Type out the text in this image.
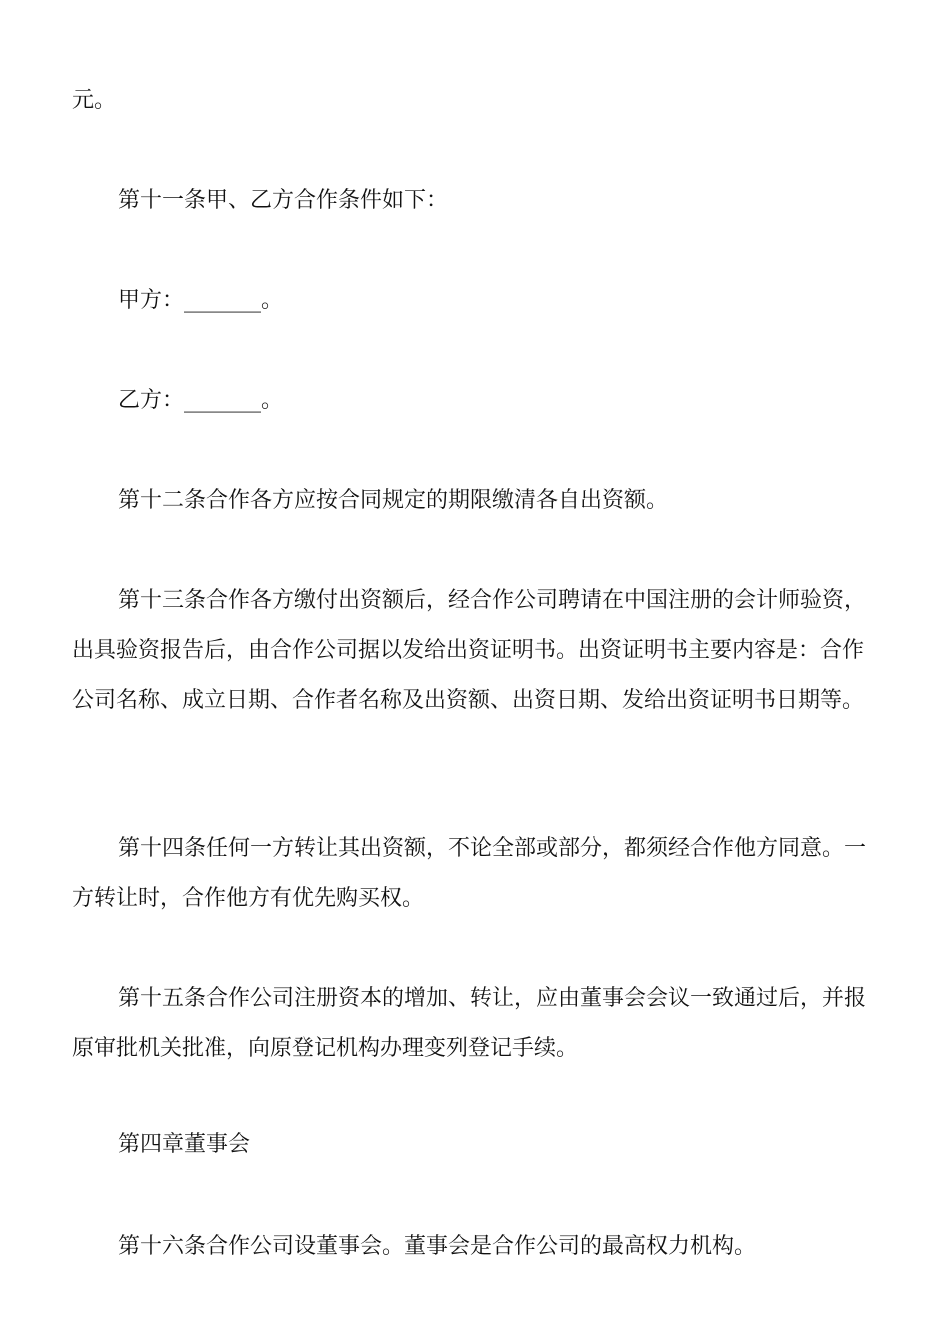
元。

第十一条甲、乙方合作条件如下：

甲方：_______。

乙方：_______。

第十二条合作各方应按合同规定的期限缴清各自出资额。

第十三条合作各方缴付出资额后，经合作公司聘请在中国注册的会计师验资，
出具验资报告后，由合作公司据以发给出资证明书。出资证明书主要内容是：合作
公司名称、成立日期、合作者名称及出资额、出资日期、发给出资证明书日期等。
第十四条任何一方转让其出资额，不论全部或部分，都须经合作他方同意。一
方转让时，合作他方有优先购买权。
第十五条合作公司注册资本的增加、转让，应由董事会会议一致通过后，并报
原审批机关批准，向原登记机构办理变列登记手续。

第四章董事会

第十六条合作公司设董事会。董事会是合作公司的最高权力机构。
